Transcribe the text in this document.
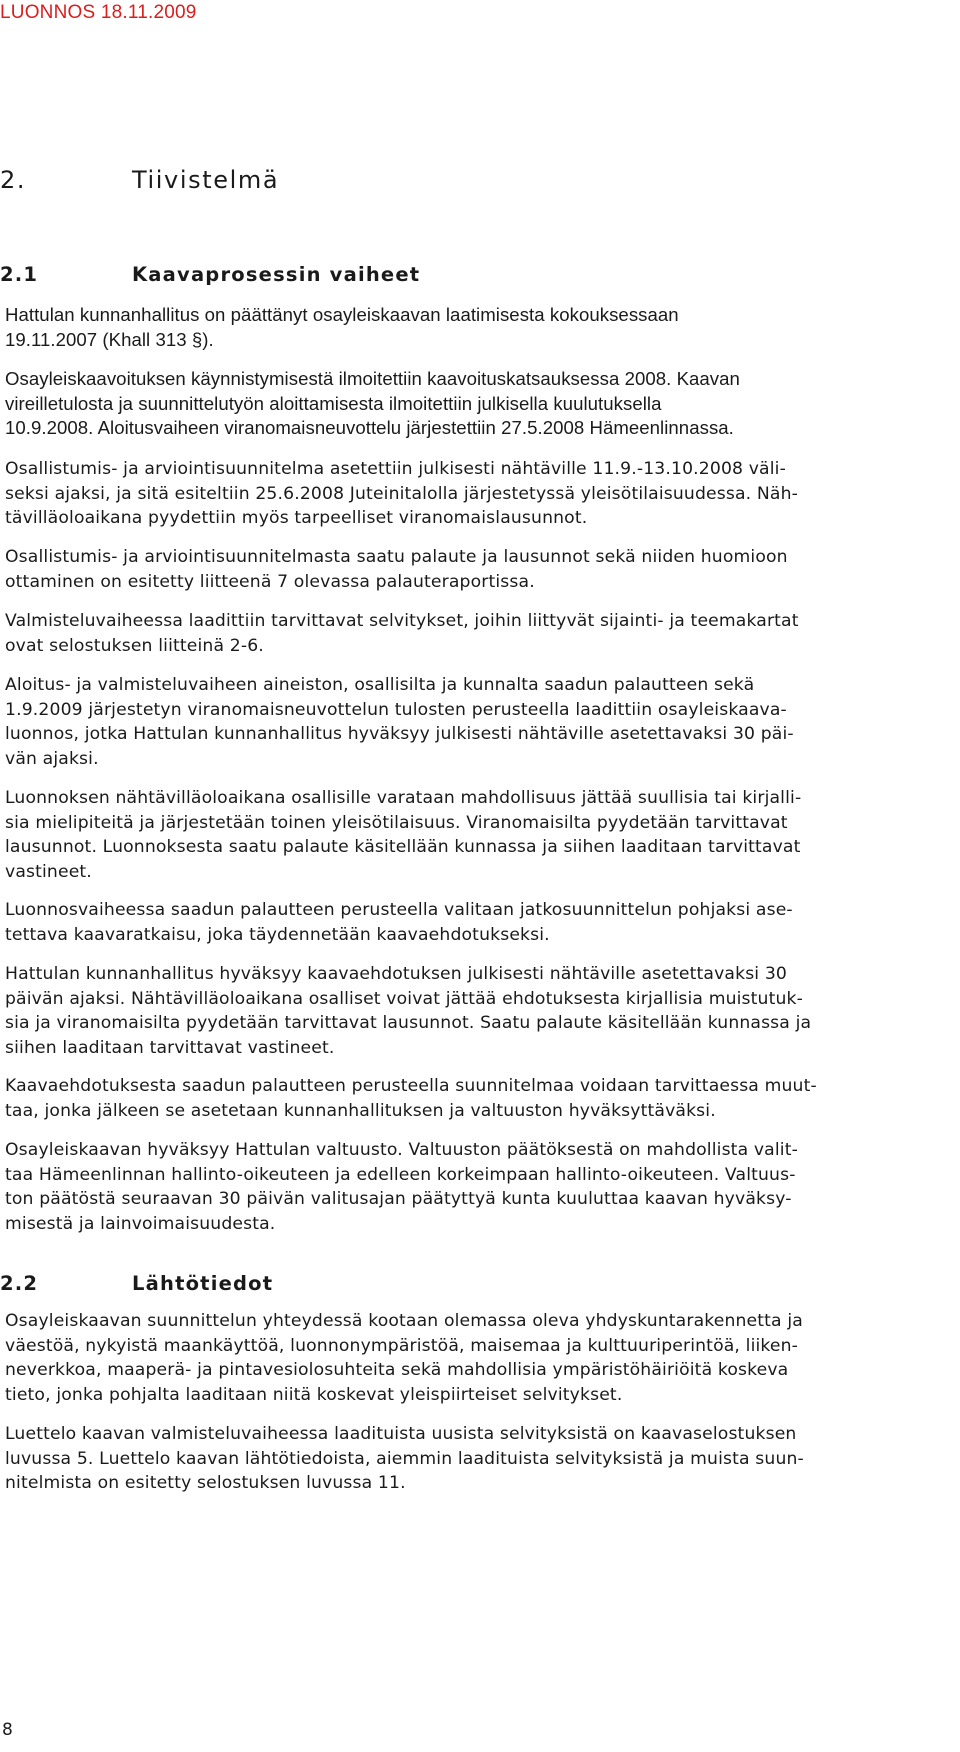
LUONNOS 18.11.2009
2.	Tiivistelmä
2.1	Kaavaprosessin vaiheet
Hattulan kunnanhallitus on päättänyt osayleiskaavan laatimisesta kokouksessaan
19.11.2007 (Khall 313 §).
Osayleiskaavoituksen käynnistymisestä ilmoitettiin kaavoituskatsauksessa 2008. Kaavan
vireilletulosta ja suunnittelutyön aloittamisesta ilmoitettiin julkisella kuulutuksella
10.9.2008. Aloitusvaiheen viranomaisneuvottelu järjestettiin 27.5.2008 Hämeenlinnassa.
Osallistumis- ja arviointisuunnitelma asetettiin julkisesti nähtäville 11.9.-13.10.2008 väli-
seksi ajaksi, ja sitä esiteltiin 25.6.2008 Juteinitalolla järjestetyssä yleisötilaisuudessa. Näh-
tävilläoloaikana pyydettiin myös tarpeelliset viranomaislausunnot.
Osallistumis- ja arviointisuunnitelmasta saatu palaute ja lausunnot sekä niiden huomioon
ottaminen on esitetty liitteenä 7 olevassa palauteraportissa.
Valmisteluvaiheessa laadittiin tarvittavat selvitykset, joihin liittyvät sijainti- ja teemakartat
ovat selostuksen liitteinä 2-6.
Aloitus- ja valmisteluvaiheen aineiston, osallisilta ja kunnalta saadun palautteen sekä
1.9.2009 järjestetyn viranomaisneuvottelun tulosten perusteella laadittiin osayleiskaava-
luonnos, jotka Hattulan kunnanhallitus hyväksyy julkisesti nähtäville asetettavaksi 30 päi-
vän ajaksi.
Luonnoksen nähtävilläoloaikana osallisille varataan mahdollisuus jättää suullisia tai kirjalli-
sia mielipiteitä ja järjestetään toinen yleisötilaisuus. Viranomaisilta pyydetään tarvittavat
lausunnot. Luonnoksesta saatu palaute käsitellään kunnassa ja siihen laaditaan tarvittavat
vastineet.
Luonnosvaiheessa saadun palautteen perusteella valitaan jatkosuunnittelun pohjaksi ase-
tettava kaavaratkaisu, joka täydennetään kaavaehdotukseksi.
Hattulan kunnanhallitus hyväksyy kaavaehdotuksen julkisesti nähtäville asetettavaksi 30
päivän ajaksi. Nähtävilläoloaikana osalliset voivat jättää ehdotuksesta kirjallisia muistutuk-
sia ja viranomaisilta pyydetään tarvittavat lausunnot. Saatu palaute käsitellään kunnassa ja
siihen laaditaan tarvittavat vastineet.
Kaavaehdotuksesta saadun palautteen perusteella suunnitelmaa voidaan tarvittaessa muut-
taa, jonka jälkeen se asetetaan kunnanhallituksen ja valtuuston hyväksyttäväksi.
Osayleiskaavan hyväksyy Hattulan valtuusto. Valtuuston päätöksestä on mahdollista valit-
taa Hämeenlinnan hallinto-oikeuteen ja edelleen korkeimpaan hallinto-oikeuteen. Valtuus-
ton päätöstä seuraavan 30 päivän valitusajan päätyttyä kunta kuuluttaa kaavan hyväksy-
misestä ja lainvoimaisuudesta.
2.2	Lähtötiedot
Osayleiskaavan suunnittelun yhteydessä kootaan olemassa oleva yhdyskuntarakennetta ja
väestöä, nykyistä maankäyttöä, luonnonympäristöä, maisemaa ja kulttuuriperintöä, liiken-
neverkkoa, maaperä- ja pintavesiolosuhteita sekä mahdollisia ympäristöhäiriöitä koskeva
tieto, jonka pohjalta laaditaan niitä koskevat yleispiirteiset selvitykset.
Luettelo kaavan valmisteluvaiheessa laadituista uusista selvityksistä on kaavaselostuksen
luvussa 5. Luettelo kaavan lähtötiedoista, aiemmin laadituista selvityksistä ja muista suun-
nitelmista on esitetty selostuksen luvussa 11.
8
